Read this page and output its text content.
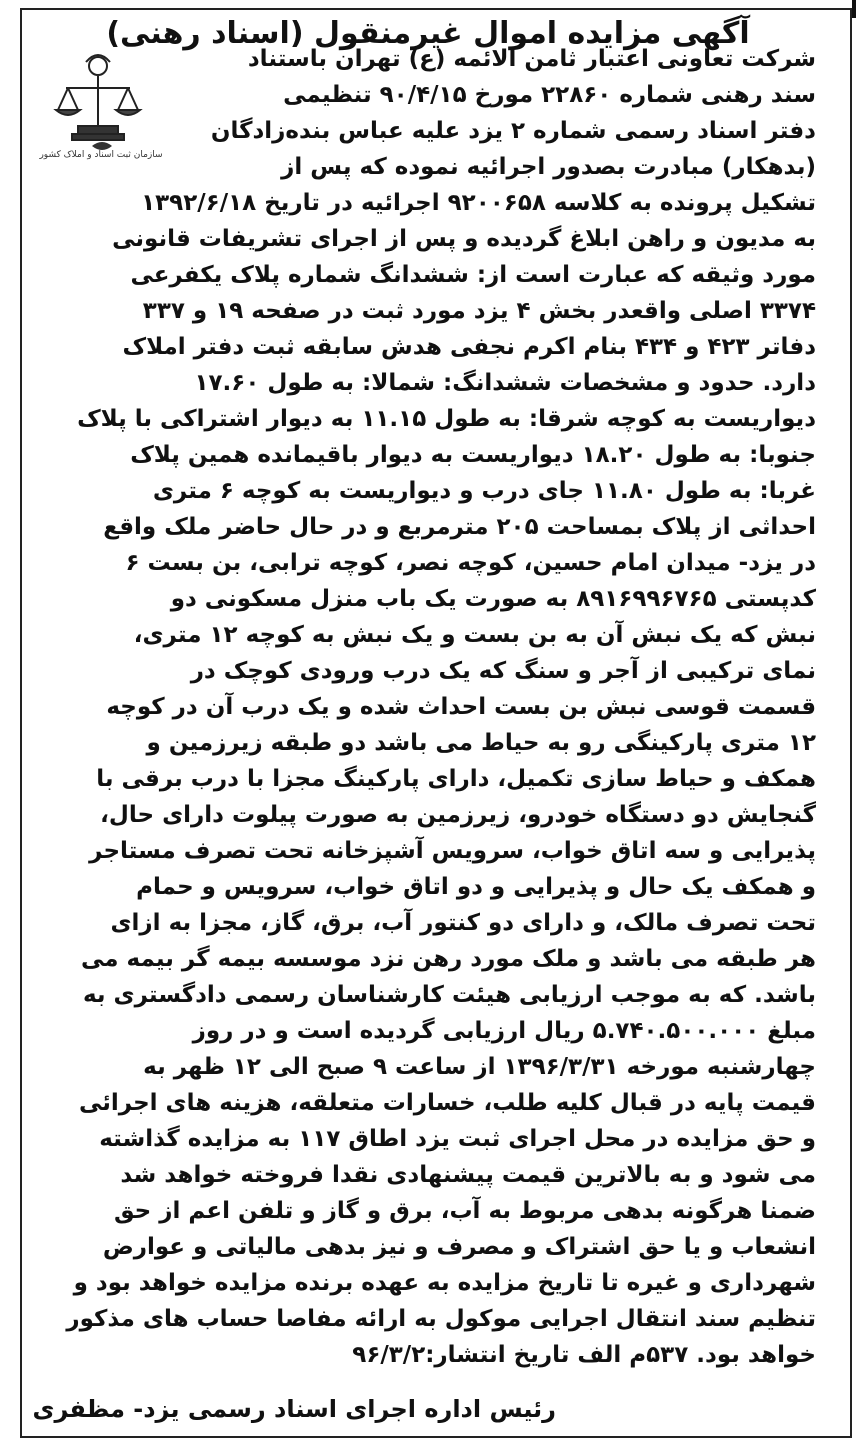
آگهی مزایده اموال غیرمنقول (اسناد رهنی)
سازمان ثبت اسناد و املاک کشور
شرکت تعاونی اعتبار ثامن الائمه (ع) تهران باستناد
سند رهنی شماره ۲۲۸۶۰ مورخ ۹۰/۴/۱۵ تنظیمی
دفتر اسناد رسمی شماره ۲ یزد علیه عباس بنده‌زادگان
(بدهکار) مبادرت بصدور اجرائیه نموده که پس از
تشکیل پرونده به کلاسه ۹۲۰۰۶۵۸ اجرائیه در تاریخ ۱۳۹۲/۶/۱۸
به مدیون و راهن ابلاغ گردیده و پس از اجرای تشریفات قانونی
مورد وثیقه که عبارت است از: ششدانگ شماره پلاک یکفرعی
۳۳۷۴ اصلی واقعدر بخش ۴ یزد مورد ثبت در صفحه ۱۹ و ۳۳۷
دفاتر ۴۲۳ و ۴۳۴ بنام اکرم نجفی هدش سابقه ثبت دفتر املاک
دارد. حدود و مشخصات ششدانگ: شمالا: به طول ۱۷.۶۰
دیواریست به کوچه شرقا: به طول ۱۱.۱۵ به دیوار اشتراکی با پلاک
جنوبا: به طول ۱۸.۲۰ دیواریست به دیوار باقیمانده همین پلاک
غربا: به طول ۱۱.۸۰ جای درب و دیواریست به کوچه ۶ متری
احداثی از پلاک بمساحت ۲۰۵ مترمربع و در حال حاضر ملک واقع
در یزد- میدان امام حسین، کوچه نصر، کوچه ترابی، بن بست ۶
کدپستی ۸۹۱۶۹۹۶۷۶۵ به صورت یک باب منزل مسکونی دو
نبش که یک نبش آن به بن بست و یک نبش به کوچه ۱۲ متری،
نمای ترکیبی از آجر و سنگ که یک درب ورودی کوچک در
قسمت قوسی نبش بن بست احداث شده و یک درب آن در کوچه
۱۲ متری پارکینگی رو به حیاط می باشد دو طبقه زیرزمین و
همکف و حیاط سازی تکمیل، دارای پارکینگ مجزا با درب برقی با
گنجایش دو دستگاه خودرو، زیرزمین به صورت پیلوت دارای حال،
پذیرایی و سه اتاق خواب، سرویس آشپزخانه تحت تصرف مستاجر
و همکف یک حال و پذیرایی و دو اتاق خواب، سرویس و حمام
تحت تصرف مالک، و دارای دو کنتور آب، برق، گاز، مجزا به ازای
هر طبقه می باشد و ملک مورد رهن نزد موسسه بیمه گر بیمه می
باشد. که به موجب ارزیابی هیئت کارشناسان رسمی دادگستری به
مبلغ ۵.۷۴۰.۵۰۰.۰۰۰ ریال ارزیابی گردیده است و در روز
چهارشنبه مورخه ۱۳۹۶/۳/۳۱ از ساعت ۹ صبح الی ۱۲ ظهر به
قیمت پایه در قبال کلیه طلب، خسارات متعلقه، هزینه های اجرائی
و حق مزایده در محل اجرای ثبت یزد اطاق ۱۱۷ به مزایده گذاشته
می شود و به بالاترین قیمت پیشنهادی نقدا فروخته خواهد شد
ضمنا هرگونه بدهی مربوط به آب، برق و گاز و تلفن اعم از حق
انشعاب و یا حق اشتراک و مصرف و نیز بدهی مالیاتی و عوارض
شهرداری و غیره تا تاریخ مزایده به عهده برنده مزایده خواهد بود و
تنظیم سند انتقال اجرایی موکول به ارائه مفاصا حساب های مذکور
خواهد بود. ۵۳۷م الف تاریخ انتشار:۹۶/۳/۲
رئیس اداره اجرای اسناد رسمی یزد- مظفری
